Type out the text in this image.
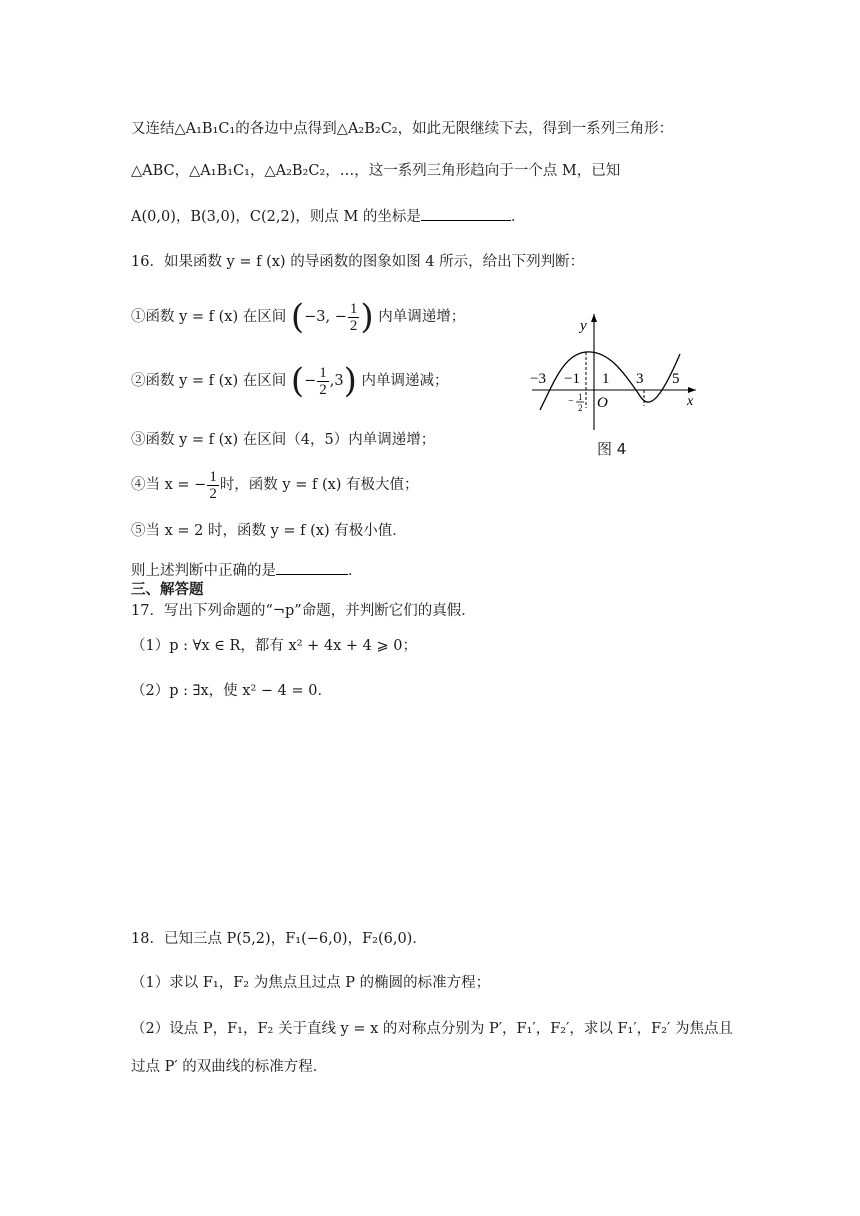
又连结△A₁B₁C₁的各边中点得到△A₂B₂C₂，如此无限继续下去，得到一系列三角形：
△ABC，△A₁B₁C₁，△A₂B₂C₂，…，这一系列三角形趋向于一个点 M，已知
A(0,0)，B(3,0)，C(2,2)，则点 M 的坐标是	．
16．如果函数 y = f (x) 的导函数的图象如图 4 所示，给出下列判断：
①函数 y = f (x) 在区间 (−3, − $\frac{1}{2}$ ) 内单调递增；
②函数 y = f (x) 在区间 (− $\frac{1}{2} ,3$) 内单调递减；
③函数 y = f (x) 在区间（4，5）内单调递增；
④当 x = − $\frac{1}{2}$ 时，函数 y = f (x) 有极大值；
⑤当 x = 2 时，函数 y = f (x) 有极小值．
则上述判断中正确的是	．
三、解答题
17．写出下列命题的“¬p”命题，并判断它们的真假．
（1）p : ∀x ∈ R，都有 x² + 4x + 4 ⩾ 0；
（2）p : ∃x，使 x² − 4 = 0．
18．已知三点 P(5,2)，F₁(−6,0)，F₂(6,0)．
（1）求以 F₁，F₂ 为焦点且过点 P 的椭圆的标准方程；
（2）设点 P，F₁，F₂ 关于直线 y = x 的对称点分别为 P′，F₁′，F₂′，求以 F₁′，F₂′ 为焦点且
过点 P′ 的双曲线的标准方程．
y
x
O
−3 −1 1 3 5
− 1
2
图 4
